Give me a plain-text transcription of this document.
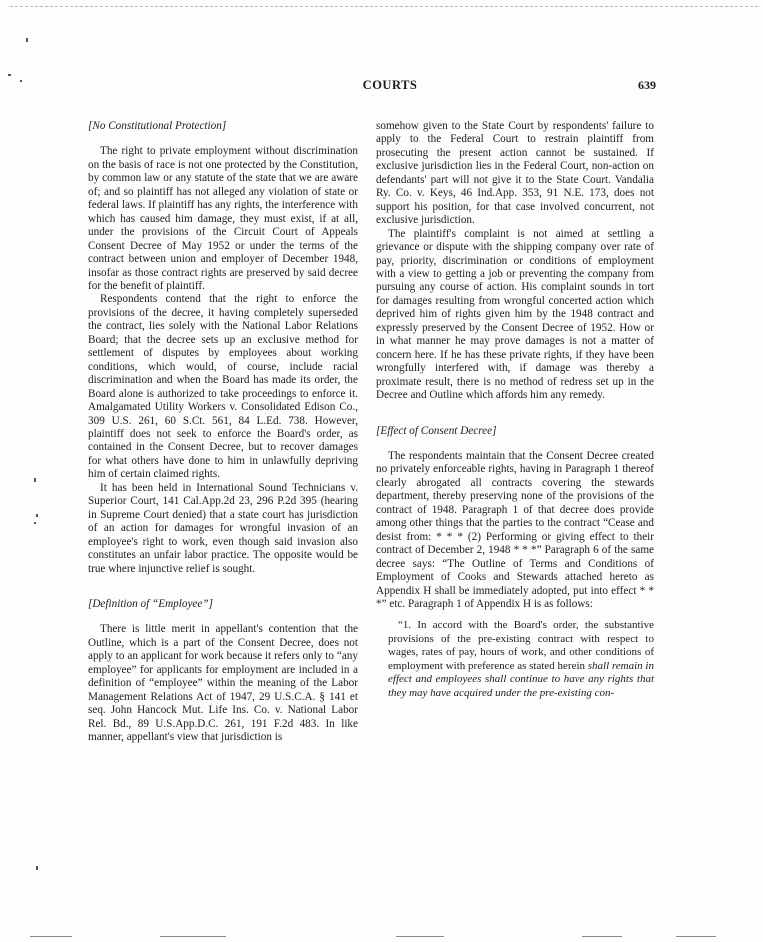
COURTS	639

[No Constitutional Protection]

The right to private employment without discrimination on the basis of race is not one protected by the Constitution, by common law or any statute of the state that we are aware of; and so plaintiff has not alleged any violation of state or federal laws. If plaintiff has any rights, the interference with which has caused him damage, they must exist, if at all, under the provisions of the Circuit Court of Appeals Consent Decree of May 1952 or under the terms of the contract between union and employer of December 1948, insofar as those contract rights are preserved by said decree for the benefit of plaintiff.

Respondents contend that the right to enforce the provisions of the decree, it having completely superseded the contract, lies solely with the National Labor Relations Board; that the decree sets up an exclusive method for settlement of disputes by employees about working conditions, which would, of course, include racial discrimination and when the Board has made its order, the Board alone is authorized to take proceedings to enforce it. Amalgamated Utility Workers v. Consolidated Edison Co., 309 U.S. 261, 60 S.Ct. 561, 84 L.Ed. 738. However, plaintiff does not seek to enforce the Board's order, as contained in the Consent Decree, but to recover damages for what others have done to him in unlawfully depriving him of certain claimed rights.

It has been held in International Sound Technicians v. Superior Court, 141 Cal.App.2d 23, 296 P.2d 395 (hearing in Supreme Court denied) that a state court has jurisdiction of an action for damages for wrongful invasion of an employee's right to work, even though said invasion also constitutes an unfair labor practice. The opposite would be true where injunctive relief is sought.

[Definition of “Employee”]

There is little merit in appellant's contention that the Outline, which is a part of the Consent Decree, does not apply to an applicant for work because it refers only to “any employee” for applicants for employment are included in a definition of “employee” within the meaning of the Labor Management Relations Act of 1947, 29 U.S.C.A. § 141 et seq. John Hancock Mut. Life Ins. Co. v. National Labor Rel. Bd., 89 U.S.App.D.C. 261, 191 F.2d 483. In like manner, appellant's view that jurisdiction is

somehow given to the State Court by respondents' failure to apply to the Federal Court to restrain plaintiff from prosecuting the present action cannot be sustained. If exclusive jurisdiction lies in the Federal Court, non-action on defendants' part will not give it to the State Court. Vandalia Ry. Co. v. Keys, 46 Ind.App. 353, 91 N.E. 173, does not support his position, for that case involved concurrent, not exclusive jurisdiction.

The plaintiff's complaint is not aimed at settling a grievance or dispute with the shipping company over rate of pay, priority, discrimination or conditions of employment with a view to getting a job or preventing the company from pursuing any course of action. His complaint sounds in tort for damages resulting from wrongful concerted action which deprived him of rights given him by the 1948 contract and expressly preserved by the Consent Decree of 1952. How or in what manner he may prove damages is not a matter of concern here. If he has these private rights, if they have been wrongfully interfered with, if damage was thereby a proximate result, there is no method of redress set up in the Decree and Outline which affords him any remedy.

[Effect of Consent Decree]

The respondents maintain that the Consent Decree created no privately enforceable rights, having in Paragraph 1 thereof clearly abrogated all contracts covering the stewards department, thereby preserving none of the provisions of the contract of 1948. Paragraph 1 of that decree does provide among other things that the parties to the contract “Cease and desist from: * * * (2) Performing or giving effect to their contract of December 2, 1948 * * *” Paragraph 6 of the same decree says: “The Outline of Terms and Conditions of Employment of Cooks and Stewards attached hereto as Appendix H shall be immediately adopted, put into effect * * *” etc. Paragraph 1 of Appendix H is as follows:

“1. In accord with the Board's order, the substantive provisions of the pre-existing contract with respect to wages, rates of pay, hours of work, and other conditions of employment with preference as stated herein shall remain in effect and employees shall continue to have any rights that they may have acquired under the pre-existing con-
